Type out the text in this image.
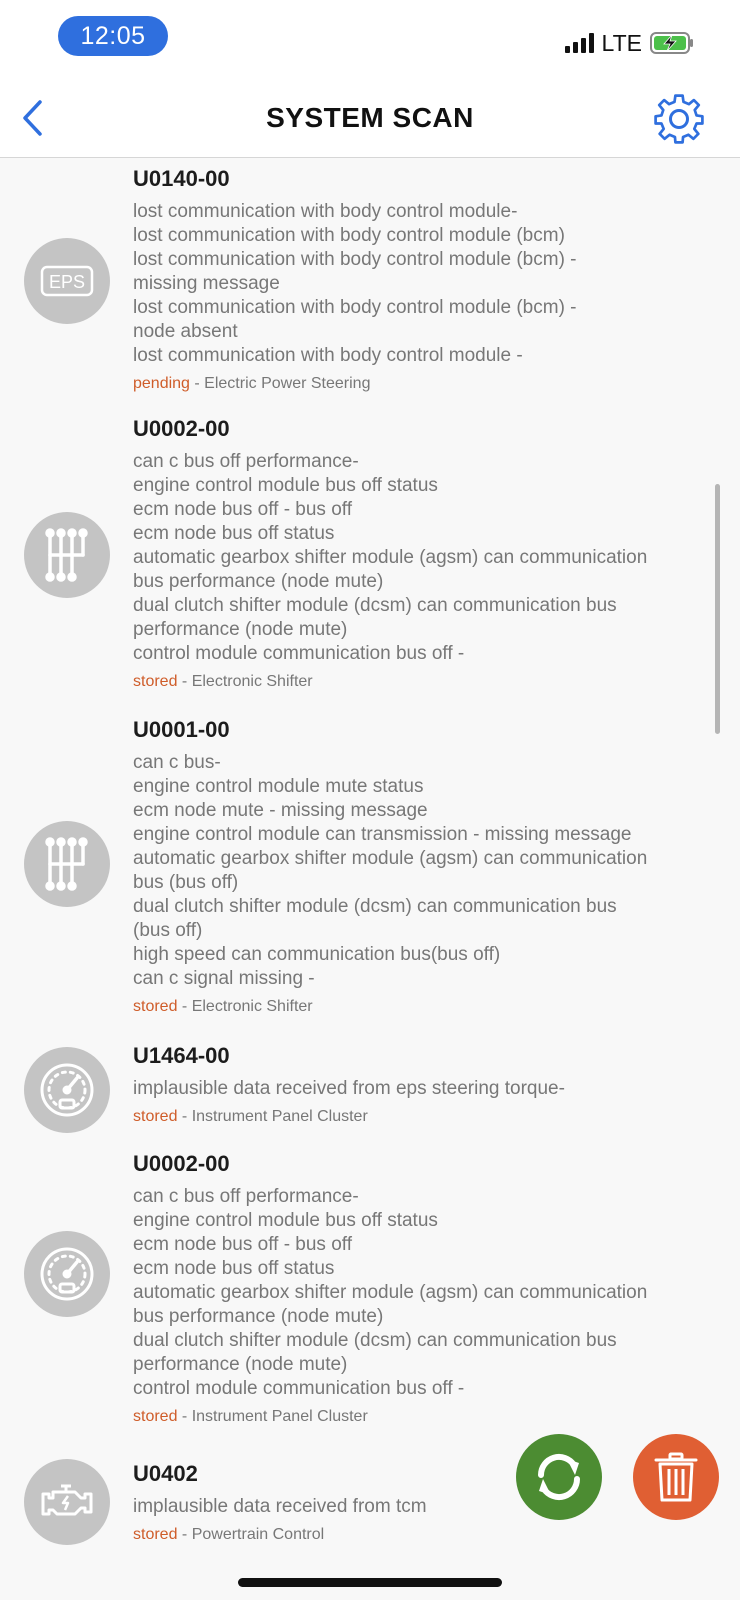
12:05	LTE
SYSTEM SCAN
EPS
U0140-00
lost communication with body control module-
lost communication with body control module (bcm)
lost communication with body control module (bcm) -
missing message
lost communication with body control module (bcm) -
node absent
lost communication with body control module -
pending - Electric Power Steering
U0002-00
can c bus off performance-
engine control module bus off status
ecm node bus off - bus off
ecm node bus off status
automatic gearbox shifter module (agsm) can communication
bus performance (node mute)
dual clutch shifter module (dcsm) can communication bus
performance (node mute)
control module communication bus off -
stored - Electronic Shifter
U0001-00
can c bus-
engine control module mute status
ecm node mute - missing message
engine control module can transmission - missing message
automatic gearbox shifter module (agsm) can communication
bus (bus off)
dual clutch shifter module (dcsm) can communication bus
(bus off)
high speed can communication bus(bus off)
can c signal missing -
stored - Electronic Shifter
U1464-00
implausible data received from eps steering torque-
stored - Instrument Panel Cluster
U0002-00
can c bus off performance-
engine control module bus off status
ecm node bus off - bus off
ecm node bus off status
automatic gearbox shifter module (agsm) can communication
bus performance (node mute)
dual clutch shifter module (dcsm) can communication bus
performance (node mute)
control module communication bus off -
stored - Instrument Panel Cluster
U0402
implausible data received from tcm
stored - Powertrain Control
